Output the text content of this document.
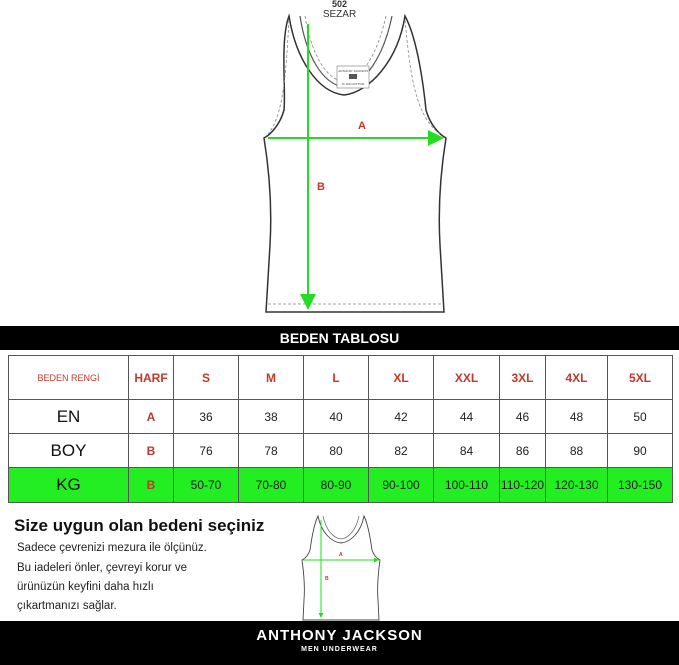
ANTHONY JACKSON
% 100 COTTON
A
B
502
SEZAR
BEDEN TABLOSU
BEDEN RENGİ	HARF	S	M	L	XL	XXL	3XL	4XL	5XL
EN	A	36	38	40	42	44	46	48	50
BOY	B	76	78	80	82	84	86	88	90
KG	B	50-70	70-80	80-90	90-100	100-110	110-120	120-130	130-150
Size uygun olan bedeni seçiniz
Sadece çevrenizi mezura ile ölçünüz.
Bu iadeleri önler, çevreyi korur ve
ürünüzün keyfini daha hızlı
çıkartmanızı sağlar.
A
B
ANTHONY JACKSON
MEN UNDERWEAR
